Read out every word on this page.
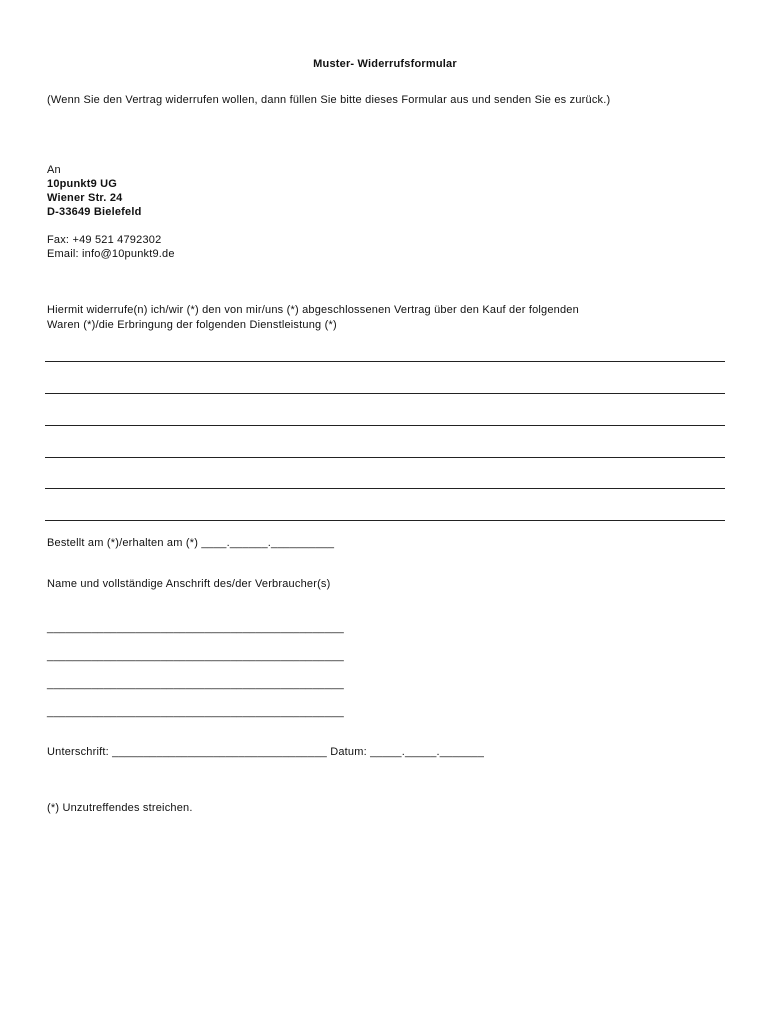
Muster- Widerrufsformular
(Wenn Sie den Vertrag widerrufen wollen, dann füllen Sie bitte dieses Formular aus und senden Sie es zurück.)
An
10punkt9 UG
Wiener Str. 24
D-33649 Bielefeld
Fax: +49 521 4792302
Email: info@10punkt9.de
Hiermit widerrufe(n) ich/wir (*) den von mir/uns (*) abgeschlossenen Vertrag über den Kauf der folgenden
Waren (*)/die Erbringung der folgenden Dienstleistung (*)
Bestellt am (*)/erhalten am (*) ____.______.__________
Name und vollständige Anschrift des/der Verbraucher(s)
_______________________________________________
_______________________________________________
_______________________________________________
_______________________________________________
Unterschrift: __________________________________ Datum: _____._____._______
(*) Unzutreffendes streichen.
